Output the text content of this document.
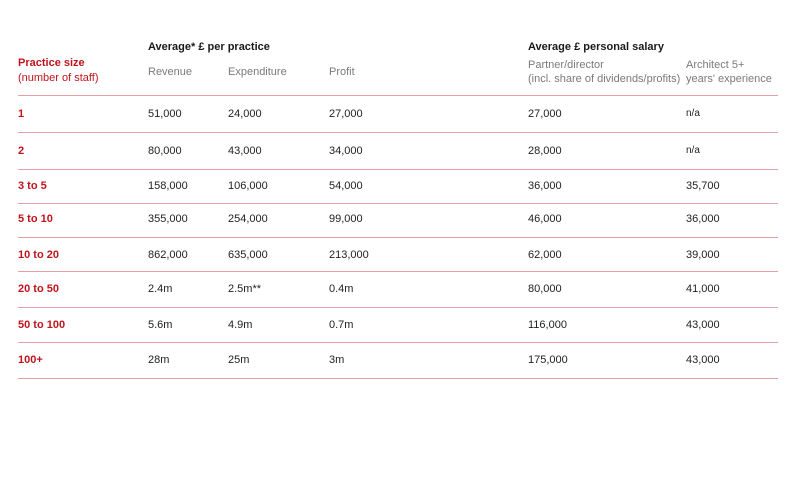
Practice size
(number of staff)
Average* £ per practice	Average £ personal salary
Revenue	Expenditure	Profit
Partner/director
(incl. share of dividends/profits)
Architect 5+
years' experience
1	51,000	24,000	27,000	27,000	n/a
2	80,000	43,000	34,000	28,000	n/a
3 to 5	158,000	106,000	54,000	36,000	35,700
5 to 10	355,000	254,000	99,000	46,000	36,000
10 to 20	862,000	635,000	213,000	62,000	39,000
20 to 50	2.4m	2.5m**	0.4m	80,000	41,000
50 to 100	5.6m	4.9m	0.7m	116,000	43,000
100+	28m	25m	3m	175,000	43,000
